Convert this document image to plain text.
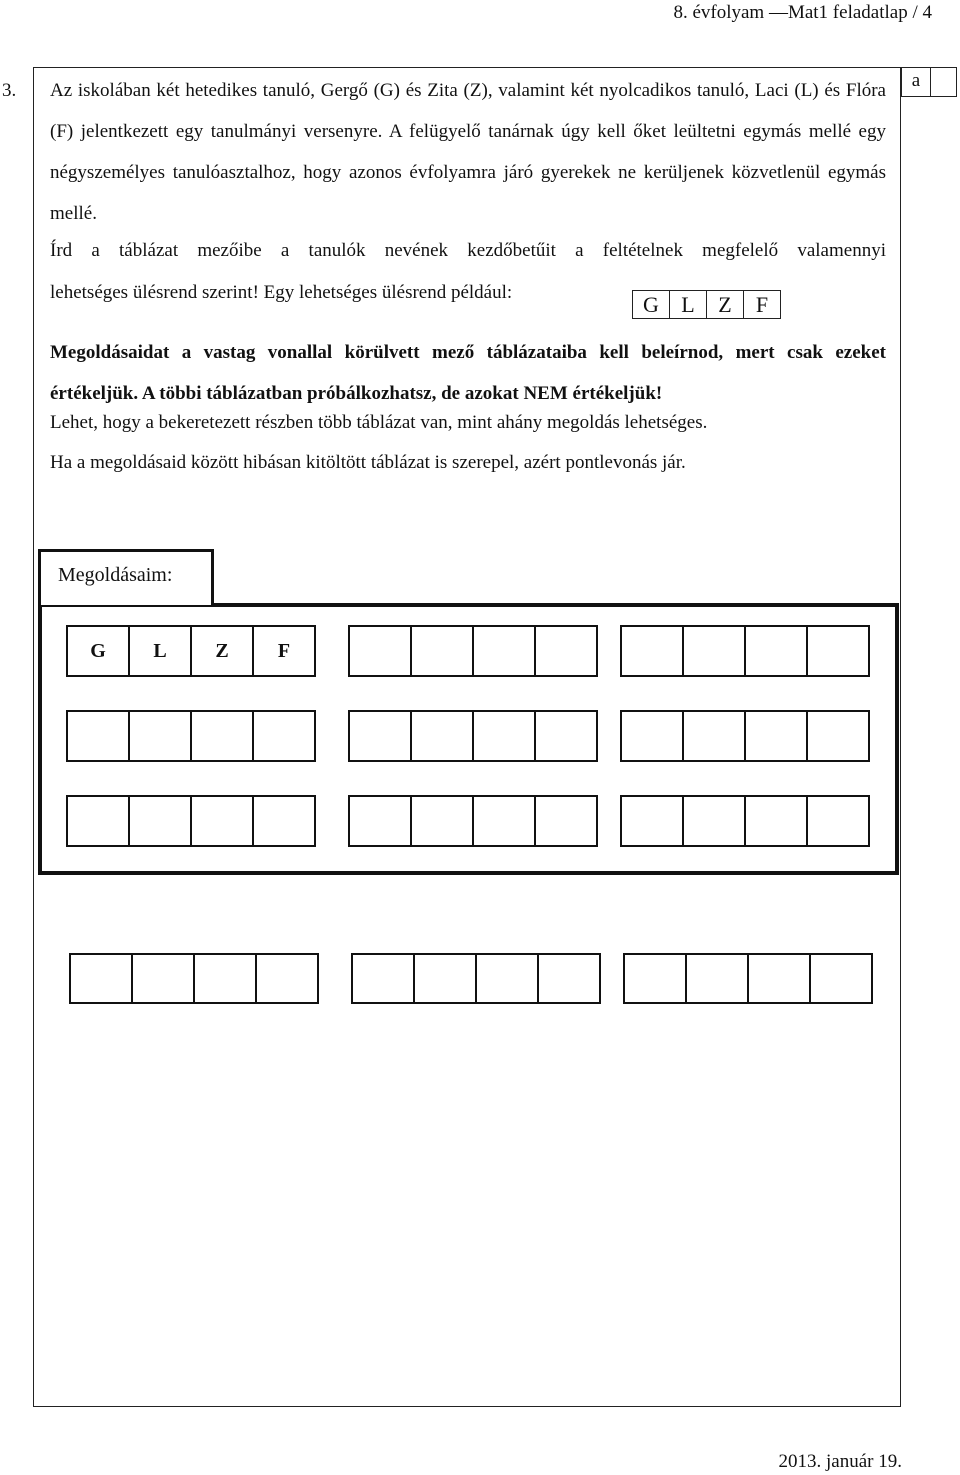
8. évfolyam —Mat1 feladatlap / 4
3.	a

Az iskolában két hetedikes tanuló, Gergő (G) és Zita (Z), valamint két nyolcadikos tanuló, Laci (L) és Flóra (F) jelentkezett egy tanulmányi versenyre. A felügyelő tanárnak úgy kell őket leültetni egymás mellé egy négyszemélyes tanulóasztalhoz, hogy azonos évfolyamra járó gyerekek ne kerüljenek közvetlenül egymás mellé.

Írd a táblázat mezőibe a tanulók nevének kezdőbetűit a feltételnek megfelelő valamennyi
lehetséges ülésrend szerint! Egy lehetséges ülésrend például:	G	L	Z	F

Megoldásaidat a vastag vonallal körülvett mező táblázataiba kell beleírnod, mert csak ezeket értékeljük. A többi táblázatban próbálkozhatsz, de azokat NEM értékeljük!

Lehet, hogy a bekeretezett részben több táblázat van, mint ahány megoldás lehetséges.
Ha a megoldásaid között hibásan kitöltött táblázat is szerepel, azért pontlevonás jár.
Megoldásaim:
G	L	Z	F

2013. január 19.
